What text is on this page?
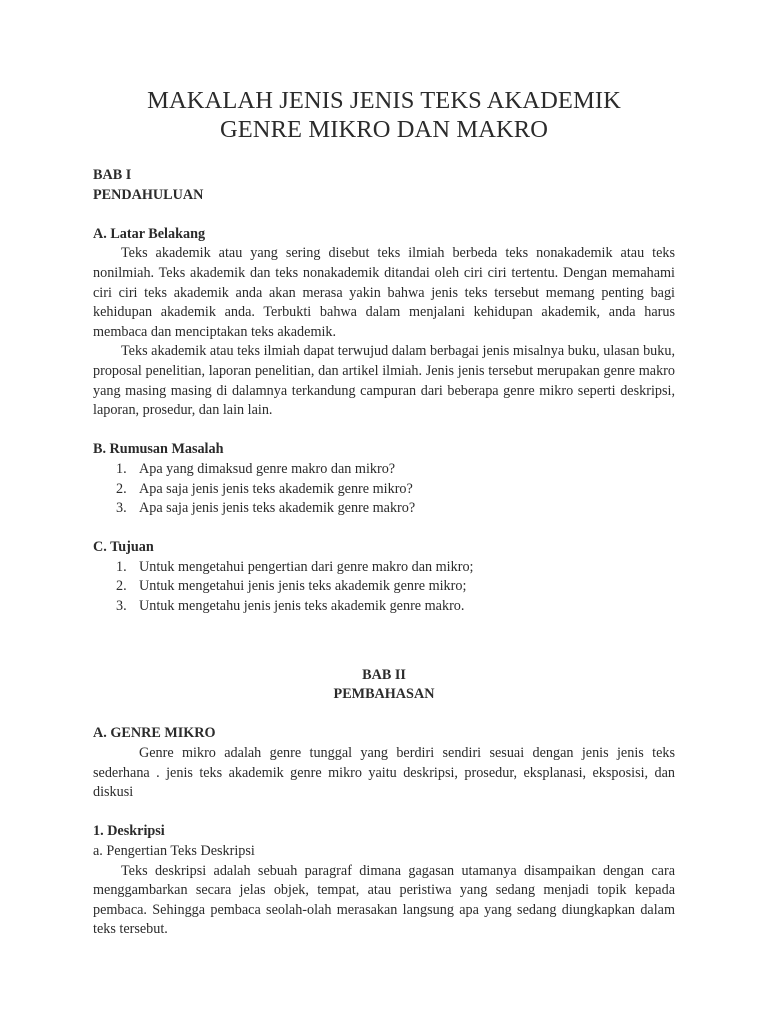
MAKALAH JENIS JENIS TEKS AKADEMIK
GENRE MIKRO DAN MAKRO
BAB I
PENDAHULUAN
A. Latar Belakang

Teks akademik atau yang sering disebut teks ilmiah berbeda teks nonakademik atau teks nonilmiah. Teks akademik dan teks nonakademik ditandai oleh ciri ciri tertentu. Dengan memahami ciri ciri teks akademik anda akan merasa yakin bahwa jenis teks tersebut memang penting bagi kehidupan akademik anda. Terbukti bahwa dalam menjalani kehidupan akademik, anda harus membaca dan menciptakan teks akademik.

Teks akademik atau teks ilmiah dapat terwujud dalam berbagai jenis misalnya buku, ulasan buku, proposal penelitian, laporan penelitian, dan artikel ilmiah. Jenis jenis tersebut merupakan genre makro yang masing masing di dalamnya terkandung campuran dari beberapa genre mikro seperti deskripsi, laporan, prosedur, dan lain lain.

B. Rumusan Masalah
1. Apa yang dimaksud genre makro dan mikro?
2. Apa saja jenis jenis teks akademik genre mikro?
3. Apa saja jenis jenis teks akademik genre makro?
C. Tujuan
1. Untuk mengetahui pengertian dari genre makro dan mikro;
2. Untuk mengetahui jenis jenis teks akademik genre mikro;
3. Untuk mengetahu jenis jenis teks akademik genre makro.
BAB II
PEMBAHASAN
A. GENRE MIKRO

Genre mikro adalah genre tunggal yang berdiri sendiri sesuai dengan jenis jenis teks sederhana . jenis teks akademik genre mikro yaitu deskripsi, prosedur, eksplanasi, eksposisi, dan diskusi

1. Deskripsi
a. Pengertian Teks Deskripsi

Teks deskripsi adalah sebuah paragraf dimana gagasan utamanya disampaikan dengan cara menggambarkan secara jelas objek, tempat, atau peristiwa yang sedang menjadi topik kepada pembaca. Sehingga pembaca seolah-olah merasakan langsung apa yang sedang diungkapkan dalam teks tersebut.
